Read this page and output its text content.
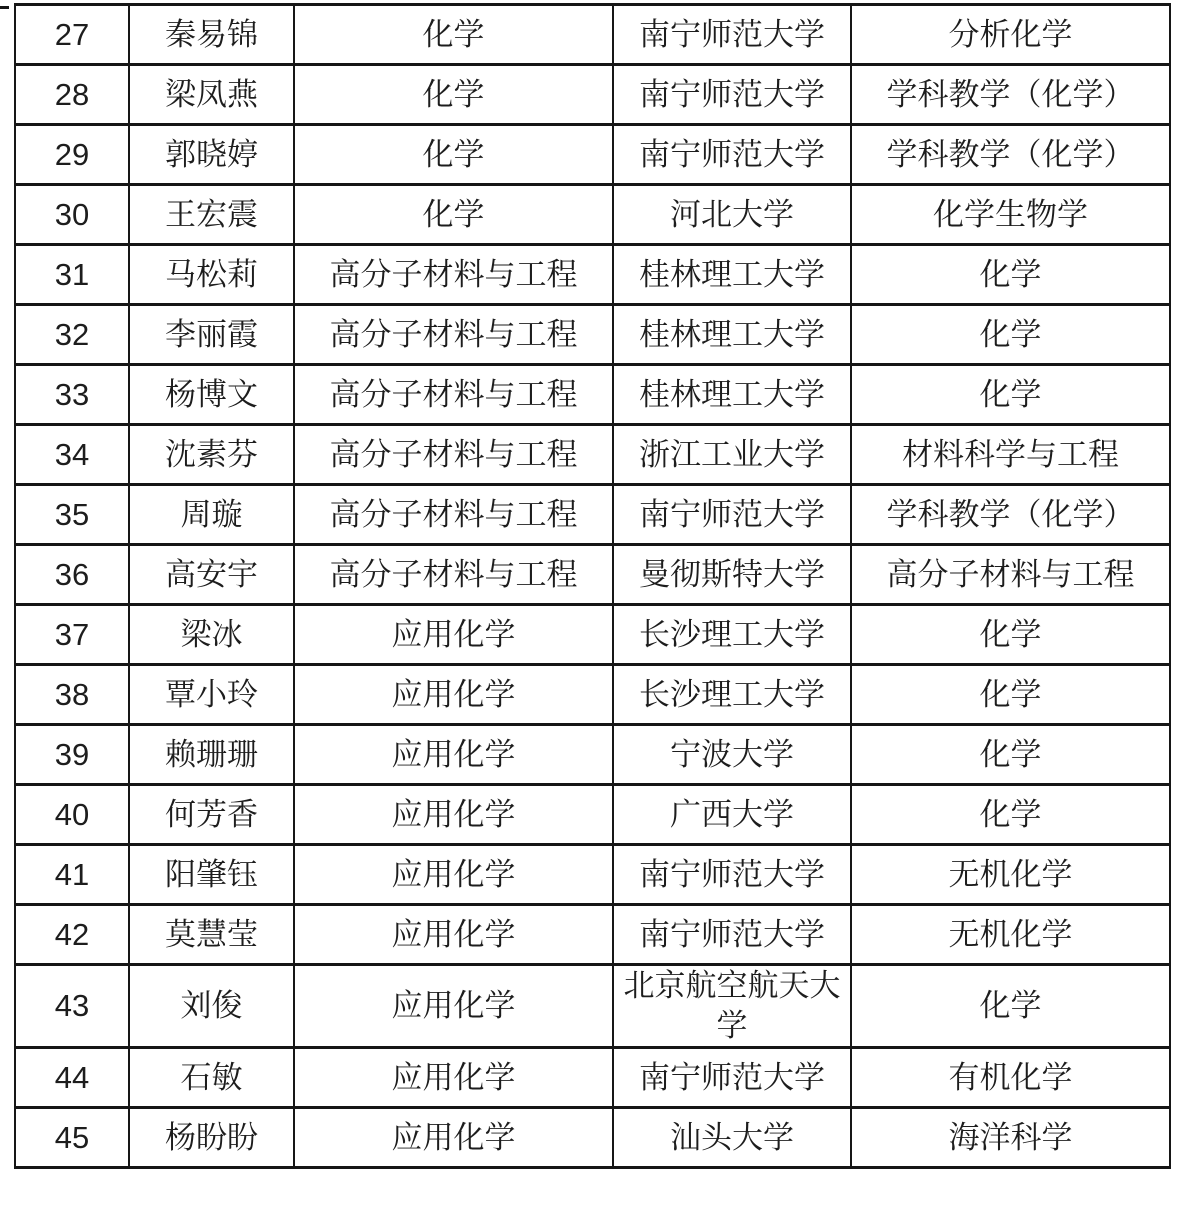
27	秦易锦	化学	南宁师范大学	分析化学
28	梁凤燕	化学	南宁师范大学	学科教学（化学）
29	郭晓婷	化学	南宁师范大学	学科教学（化学）
30	王宏震	化学	河北大学	化学生物学
31	马松莉	高分子材料与工程	桂林理工大学	化学
32	李丽霞	高分子材料与工程	桂林理工大学	化学
33	杨博文	高分子材料与工程	桂林理工大学	化学
34	沈素芬	高分子材料与工程	浙江工业大学	材料科学与工程
35	周璇	高分子材料与工程	南宁师范大学	学科教学（化学）
36	高安宇	高分子材料与工程	曼彻斯特大学	高分子材料与工程
37	梁冰	应用化学	长沙理工大学	化学
38	覃小玲	应用化学	长沙理工大学	化学
39	赖珊珊	应用化学	宁波大学	化学
40	何芳香	应用化学	广西大学	化学
41	阳肇钰	应用化学	南宁师范大学	无机化学
42	莫慧莹	应用化学	南宁师范大学	无机化学
43	刘俊	应用化学	北京航空航天大学	化学
44	石敏	应用化学	南宁师范大学	有机化学
45	杨盼盼	应用化学	汕头大学	海洋科学
